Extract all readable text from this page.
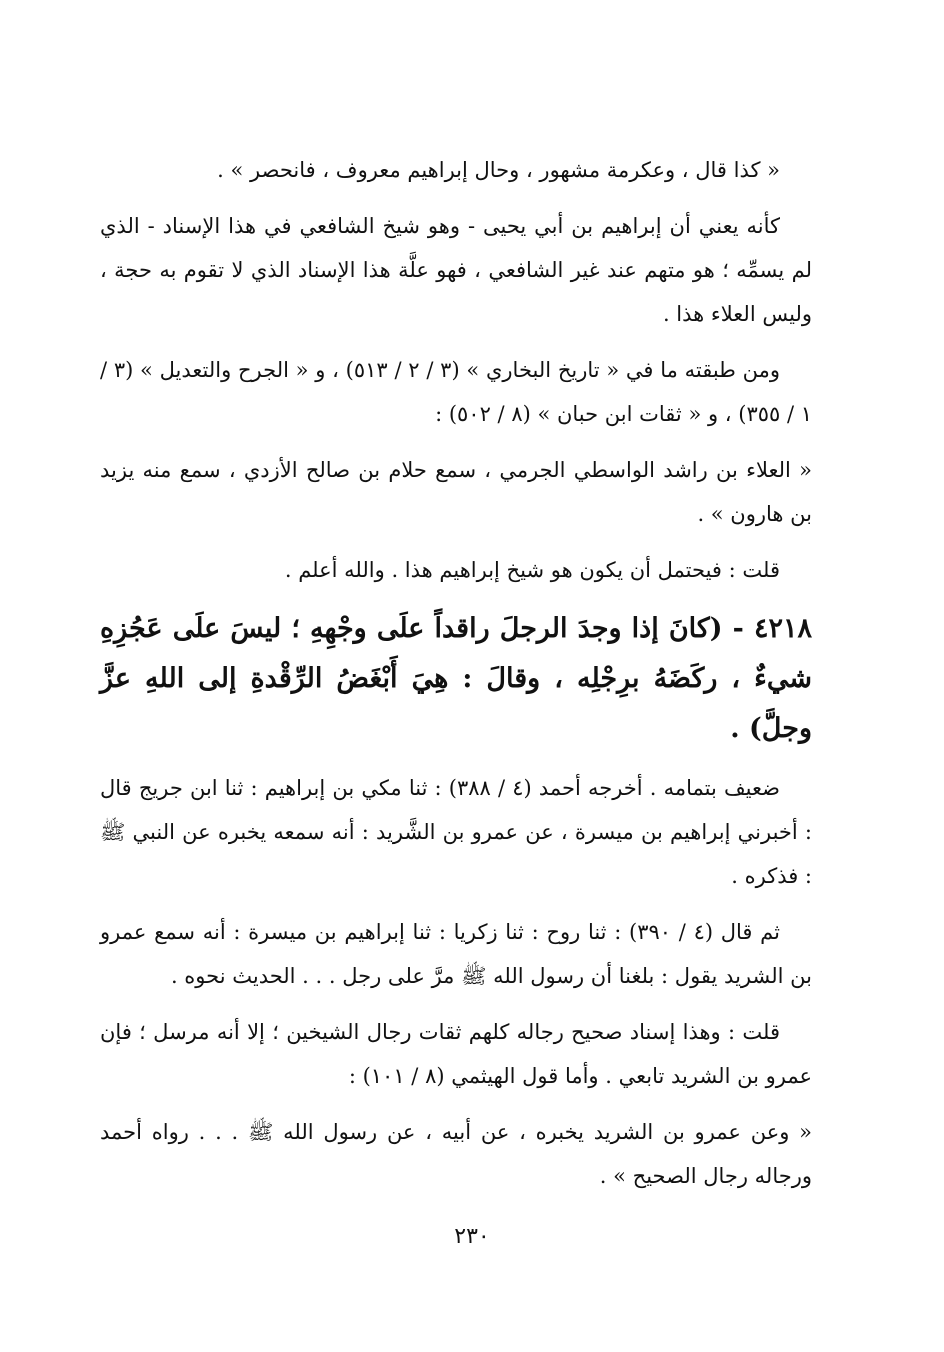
« كذا قال ، وعكرمة مشهور ، وحال إبراهيم معروف ، فانحصر » .

كأنه يعني أن إبراهيم بن أبي يحيى - وهو شيخ الشافعي في هذا الإسناد - الذي لم يسمِّه ؛ هو متهم عند غير الشافعي ، فهو علَّة هذا الإسناد الذي لا تقوم به حجة ، وليس العلاء هذا .

ومن طبقته ما في « تاريخ البخاري » (٣ / ٢ / ٥١٣) ، و « الجرح والتعديل » (٣ / ١ / ٣٥٥) ، و « ثقات ابن حبان » (٨ / ٥٠٢) :

« العلاء بن راشد الواسطي الجرمي ، سمع حلام بن صالح الأزدي ، سمع منه يزيد بن هارون » .

قلت : فيحتمل أن يكون هو شيخ إبراهيم هذا . والله أعلم .

٤٢١٨ - (كانَ إذا وجدَ الرجلَ راقداً علَى وجْهِهِ ؛ ليسَ علَى عَجُزِهِ شيءٌ ، ركَضَهُ برِجْلِه ، وقالَ : هِيَ أَبْغَضُ الرِّقْدةِ إلى اللهِ عزَّ وجلَّ) .

ضعيف بتمامه . أخرجه أحمد (٤ / ٣٨٨) : ثنا مكي بن إبراهيم : ثنا ابن جريج قال : أخبرني إبراهيم بن ميسرة ، عن عمرو بن الشَّريد : أنه سمعه يخبره عن النبي ﷺ : فذكره .

ثم قال (٤ / ٣٩٠) : ثنا روح : ثنا زكريا : ثنا إبراهيم بن ميسرة : أنه سمع عمرو بن الشريد يقول : بلغنا أن رسول الله ﷺ مرَّ على رجل . . . الحديث نحوه .

قلت : وهذا إسناد صحيح رجاله كلهم ثقات رجال الشيخين ؛ إلا أنه مرسل ؛ فإن عمرو بن الشريد تابعي . وأما قول الهيثمي (٨ / ١٠١) :

« وعن عمرو بن الشريد يخبره ، عن أبيه ، عن رسول الله ﷺ . . . رواه أحمد ورجاله رجال الصحيح » .

٢٣٠
